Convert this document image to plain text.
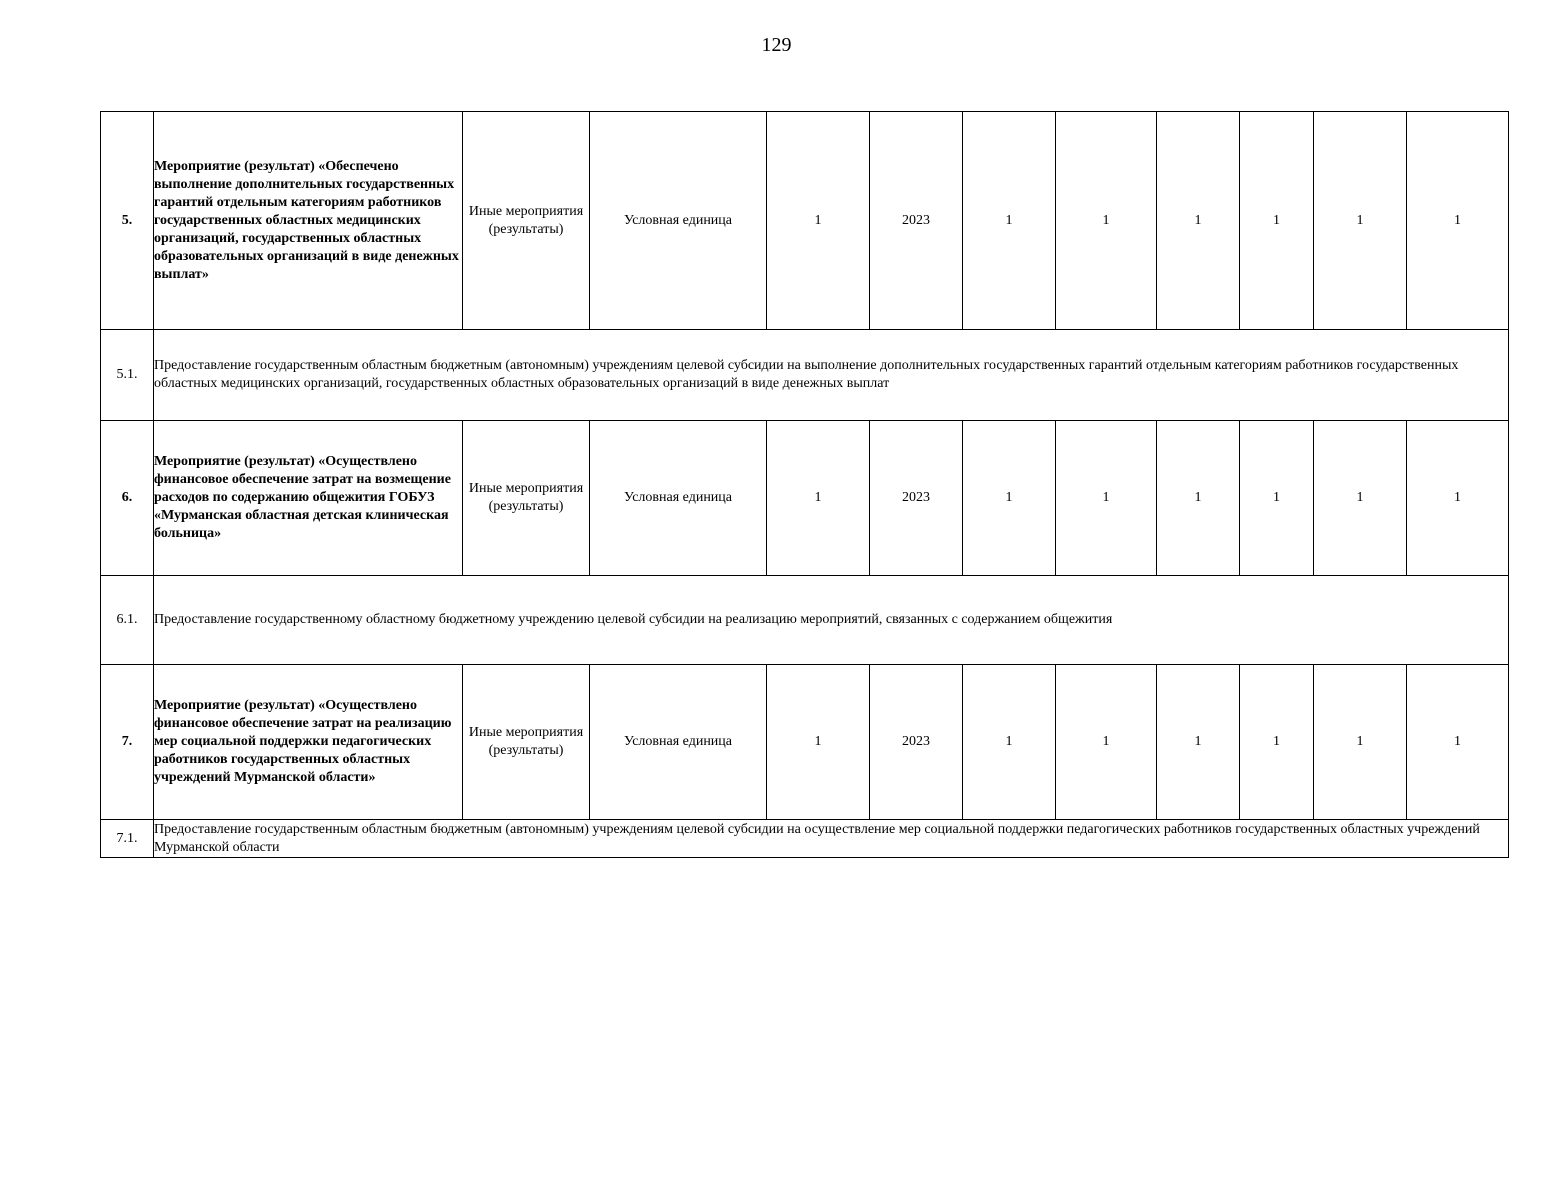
129
5.	Мероприятие (результат) «Обеспечено выполнение дополнительных государственных гарантий отдельным категориям работников государственных областных медицинских организаций, государственных областных образовательных организаций в виде денежных выплат»	Иные мероприятия (результаты)	Условная единица	1	2023	1	1	1	1	1	1
5.1.	Предоставление государственным областным бюджетным (автономным) учреждениям целевой субсидии на выполнение дополнительных государственных гарантий отдельным категориям работников государственных областных медицинских организаций, государственных областных образовательных организаций в виде денежных выплат										
6.	Мероприятие (результат) «Осуществлено финансовое обеспечение затрат на возмещение расходов по содержанию общежития ГОБУЗ «Мурманская областная детская клиническая больница»	Иные мероприятия (результаты)	Условная единица	1	2023	1	1	1	1	1	1
6.1.	Предоставление государственному областному бюджетному учреждению целевой субсидии на реализацию мероприятий, связанных с содержанием общежития										
7.	Мероприятие (результат) «Осуществлено финансовое обеспечение затрат на реализацию мер социальной поддержки педагогических работников государственных областных учреждений Мурманской области»	Иные мероприятия (результаты)	Условная единица	1	2023	1	1	1	1	1	1
7.1.	Предоставление государственным областным бюджетным (автономным) учреждениям целевой субсидии на осуществление мер социальной поддержки педагогических работников государственных областных учреждений Мурманской области										
